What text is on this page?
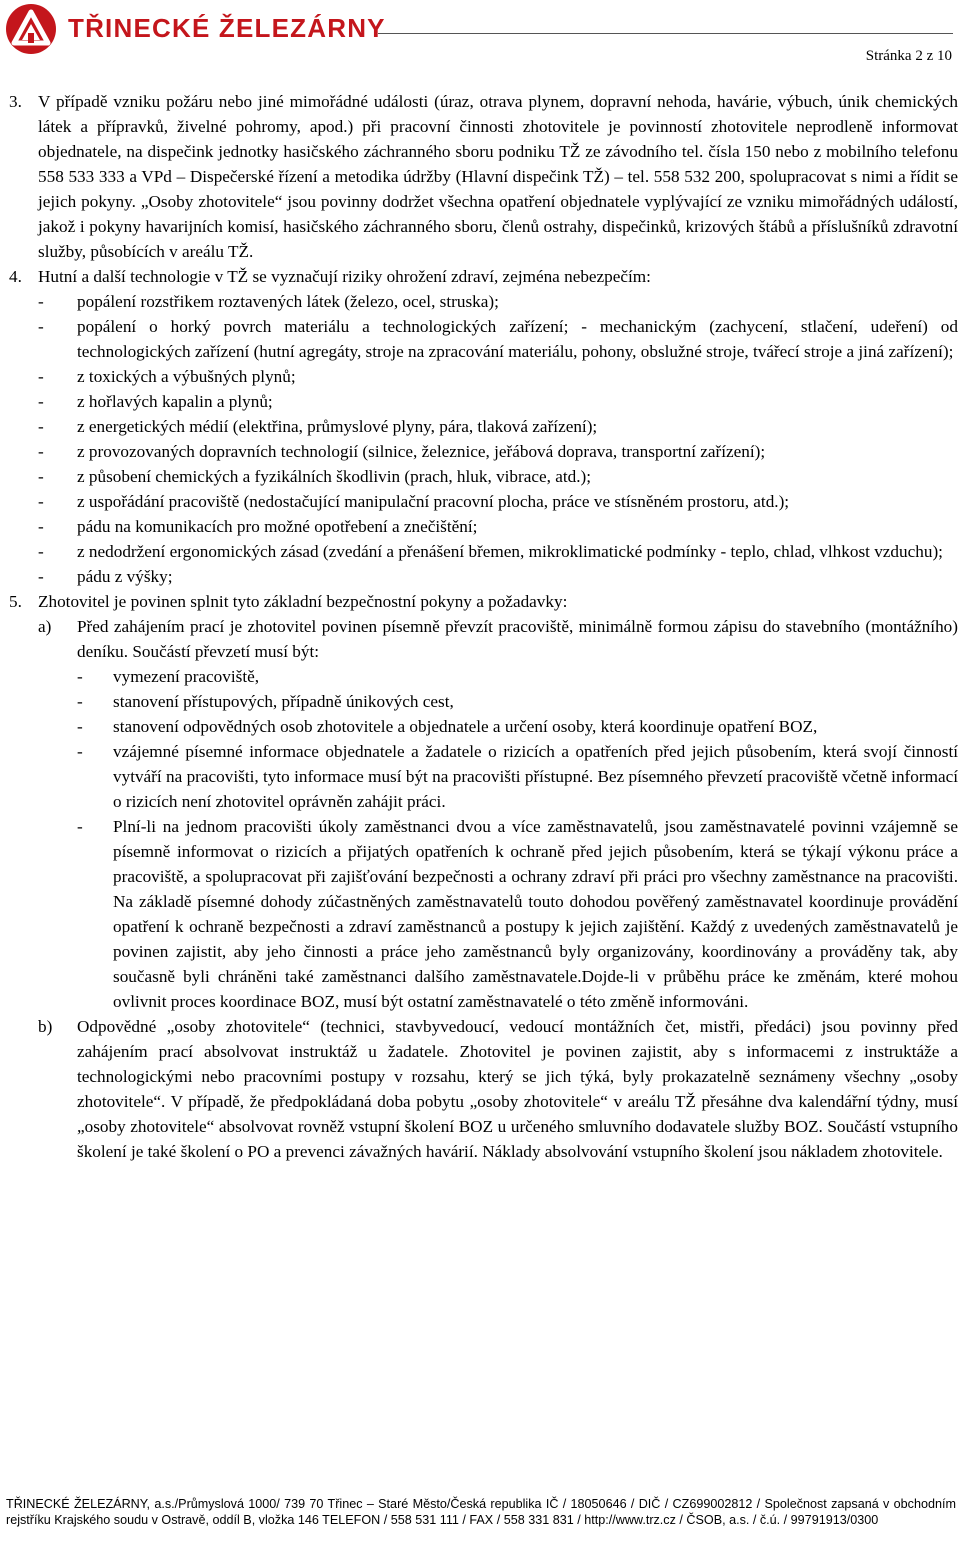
TŘINECKÉ ŽELEZÁRNY
Stránka 2 z 10

3. V případě vzniku požáru nebo jiné mimořádné události (úraz, otrava plynem, dopravní nehoda, havárie, výbuch, únik chemických látek a přípravků, živelné pohromy, apod.) při pracovní činnosti zhotovitele je povinností zhotovitele neprodleně informovat objednatele, na dispečink jednotky hasičského záchranného sboru podniku TŽ ze závodního tel. čísla 150 nebo z mobilního telefonu 558 533 333 a VPd – Dispečerské řízení a metodika údržby (Hlavní dispečink TŽ) – tel. 558 532 200, spolupracovat s nimi a řídit se jejich pokyny. „Osoby zhotovitele“ jsou povinny dodržet všechna opatření objednatele vyplývající ze vzniku mimořádných událostí, jakož i pokyny havarijních komisí, hasičského záchranného sboru, členů ostrahy, dispečinků, krizových štábů a příslušníků zdravotní služby, působících v areálu TŽ.

4. Hutní a další technologie v TŽ se vyznačují riziky ohrožení zdraví, zejména nebezpečím:

- popálení rozstřikem roztavených látek (železo, ocel, struska);

- popálení o horký povrch materiálu a technologických zařízení; - mechanickým (zachycení, stlačení, udeření) od technologických zařízení (hutní agregáty, stroje na zpracování materiálu, pohony, obslužné stroje, tvářecí stroje a jiná zařízení);

- z toxických a výbušných plynů;

- z hořlavých kapalin a plynů;

- z energetických médií (elektřina, průmyslové plyny, pára, tlaková zařízení);

- z provozovaných dopravních technologií (silnice, železnice, jeřábová doprava, transportní zařízení);

- z působení chemických a fyzikálních škodlivin (prach, hluk, vibrace, atd.);

- z uspořádání pracoviště (nedostačující manipulační pracovní plocha, práce ve stísněném prostoru, atd.);

- pádu na komunikacích pro možné opotřebení a znečištění;

- z nedodržení ergonomických zásad (zvedání a přenášení břemen, mikroklimatické podmínky - teplo, chlad, vlhkost vzduchu);

- pádu z výšky;

5. Zhotovitel je povinen splnit tyto základní bezpečnostní pokyny a požadavky:

a) Před zahájením prací je zhotovitel povinen písemně převzít pracoviště, minimálně formou zápisu do stavebního (montážního) deníku. Součástí převzetí musí být:

- vymezení pracoviště,

- stanovení přístupových, případně únikových cest,

- stanovení odpovědných osob zhotovitele a objednatele a určení osoby, která koordinuje opatření BOZ,

- vzájemné písemné informace objednatele a žadatele o rizicích a opatřeních před jejich působením, která svojí činností vytváří na pracovišti, tyto informace musí být na pracovišti přístupné. Bez písemného převzetí pracoviště včetně informací o rizicích není zhotovitel oprávněn zahájit práci.

- Plní-li na jednom pracovišti úkoly zaměstnanci dvou a více zaměstnavatelů, jsou zaměstnavatelé povinni vzájemně se písemně informovat o rizicích a přijatých opatřeních k ochraně před jejich působením, která se týkají výkonu práce a pracoviště, a spolupracovat při zajišťování bezpečnosti a ochrany zdraví při práci pro všechny zaměstnance na pracovišti. Na základě písemné dohody zúčastněných zaměstnavatelů touto dohodou pověřený zaměstnavatel koordinuje provádění opatření k ochraně bezpečnosti a zdraví zaměstnanců a postupy k jejich zajištění. Každý z uvedených zaměstnavatelů je povinen zajistit, aby jeho činnosti a práce jeho zaměstnanců byly organizovány, koordinovány a prováděny tak, aby současně byli chráněni také zaměstnanci dalšího zaměstnavatele.Dojde-li v průběhu práce ke změnám, které mohou ovlivnit proces koordinace BOZ, musí být ostatní zaměstnavatelé o této změně informováni.

b) Odpovědné „osoby zhotovitele“ (technici, stavbyvedoucí, vedoucí montážních čet, mistři, předáci) jsou povinny před zahájením prací absolvovat instruktáž u žadatele. Zhotovitel je povinen zajistit, aby s informacemi z instruktáže a technologickými nebo pracovními postupy v rozsahu, který se jich týká, byly prokazatelně seznámeny všechny „osoby zhotovitele“. V případě, že předpokládaná doba pobytu „osoby zhotovitele“ v areálu TŽ přesáhne dva kalendářní týdny, musí „osoby zhotovitele“ absolvovat rovněž vstupní školení BOZ u určeného smluvního dodavatele služby BOZ. Součástí vstupního školení je také školení o PO a prevenci závažných havárií. Náklady absolvování vstupního školení jsou nákladem zhotovitele.

TŘINECKÉ ŽELEZÁRNY, a.s./Průmyslová 1000/ 739 70 Třinec – Staré Město/Česká republika IČ / 18050646 / DIČ / CZ699002812 / Společnost zapsaná v obchodním rejstříku Krajského soudu v Ostravě, oddíl B, vložka 146 TELEFON / 558 531 111 / FAX / 558 331 831 / http://www.trz.cz / ČSOB, a.s. / č.ú. / 99791913/0300
